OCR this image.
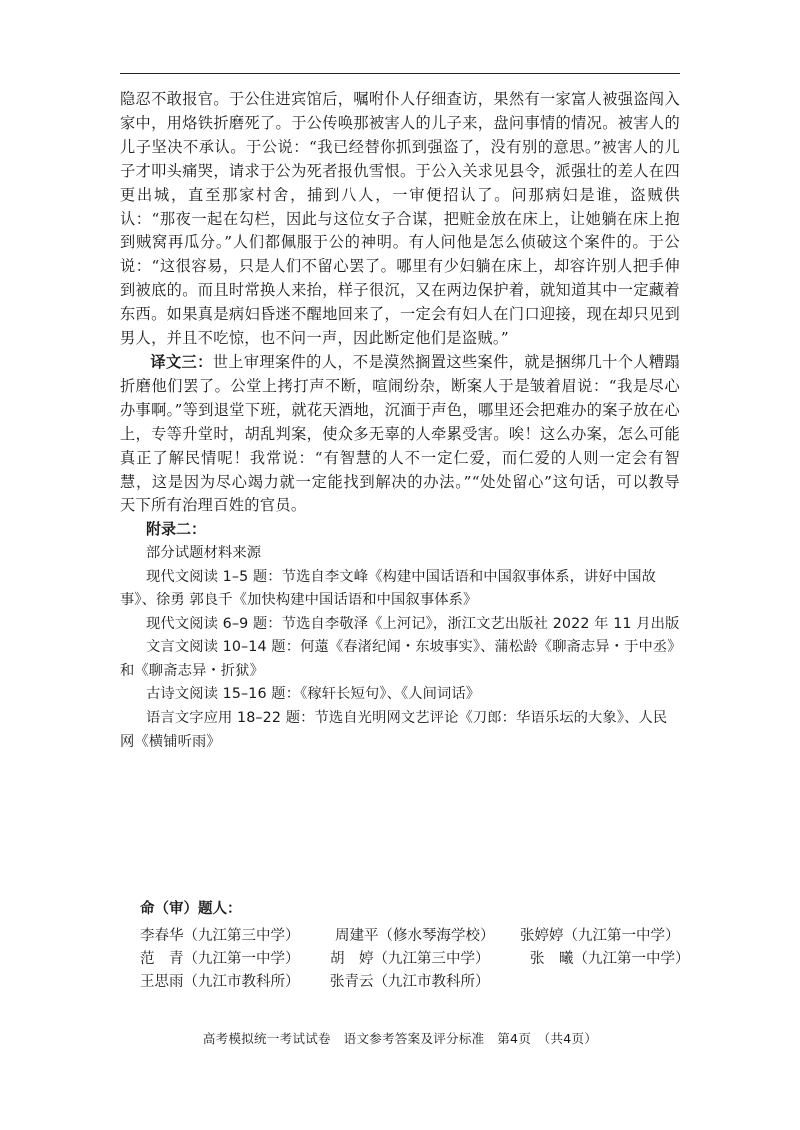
隐忍不敢报官。于公住进宾馆后，嘱咐仆人仔细查访，果然有一家富人被强盗闯入家中，用烙铁折磨死了。于公传唤那被害人的儿子来，盘问事情的情况。被害人的儿子坚决不承认。于公说：“我已经替你抓到强盗了，没有别的意思。”被害人的儿子才叩头痛哭，请求于公为死者报仇雪恨。于公入关求见县令，派强壮的差人在四更出城，直至那家村舍，捕到八人，一审便招认了。问那病妇是谁，盗贼供认：“那夜一起在勾栏，因此与这位女子合谋，把赃金放在床上，让她躺在床上抱到贼窝再瓜分。”人们都佩服于公的神明。有人问他是怎么侦破这个案件的。于公说：“这很容易，只是人们不留心罢了。哪里有少妇躺在床上，却容许别人把手伸到被底的。而且时常换人来抬，样子很沉，又在两边保护着，就知道其中一定藏着东西。如果真是病妇昏迷不醒地回来了，一定会有妇人在门口迎接，现在却只见到男人，并且不吃惊，也不问一声，因此断定他们是盗贼。”

译文三：世上审理案件的人，不是漠然搁置这些案件，就是捆绑几十个人糟蹋折磨他们罢了。公堂上拷打声不断，喧闹纷杂，断案人于是皱着眉说：“我是尽心办事啊。”等到退堂下班，就花天酒地，沉湎于声色，哪里还会把难办的案子放在心上，专等升堂时，胡乱判案，使众多无辜的人牵累受害。唉！这么办案，怎么可能真正了解民情呢！我常说：“有智慧的人不一定仁爱，而仁爱的人则一定会有智慧，这是因为尽心竭力就一定能找到解决的办法。”“处处留心”这句话，可以教导天下所有治理百姓的官员。

附录二：

部分试题材料来源

现代文阅读 1–5 题：节选自李文峰《构建中国话语和中国叙事体系，讲好中国故事》、徐勇 郭良千《加快构建中国话语和中国叙事体系》

现代文阅读 6–9 题：节选自李敬泽《上河记》，浙江文艺出版社 2022 年 11 月出版

文言文阅读 10–14 题：何薳《春渚纪闻・东坡事实》、蒲松龄《聊斋志异・于中丞》和《聊斋志异・折狱》

古诗文阅读 15–16 题：《稼轩长短句》、《人间词话》

语言文字应用 18–22 题：节选自光明网文艺评论《刀郎：华语乐坛的大象》、人民网《横铺听雨》

命（审）题人：

李春华（九江第三中学） 周建平（修水琴海学校） 张婷婷（九江第一中学）
范　青（九江第一中学） 胡　婷（九江第三中学）	张　曦（九江第一中学）
王思雨（九江市教科所） 张青云（九江市教科所）
高考模拟统一考试试卷　语文参考答案及评分标准　第4页　（共4页）
